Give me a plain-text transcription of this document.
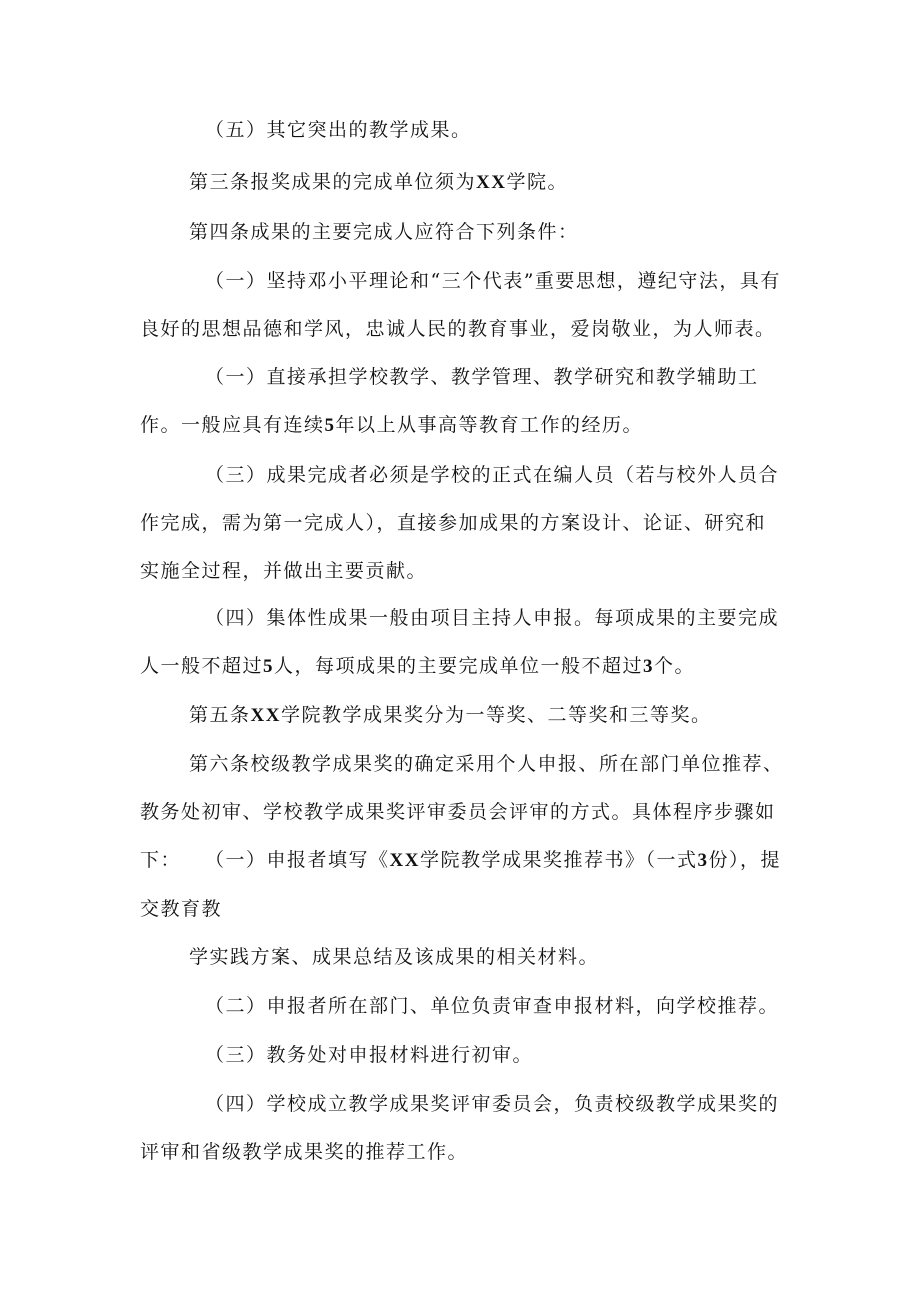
（五）其它突出的教学成果。

第三条报奖成果的完成单位须为XX学院。

第四条成果的主要完成人应符合下列条件：

（一）坚持邓小平理论和“三个代表”重要思想，遵纪守法，具有良好的思想品德和学风，忠诚人民的教育事业，爱岗敬业，为人师表。

（一）直接承担学校教学、教学管理、教学研究和教学辅助工作。一般应具有连续5年以上从事高等教育工作的经历。

（三）成果完成者必须是学校的正式在编人员（若与校外人员合作完成，需为第一完成人），直接参加成果的方案设计、论证、研究和实施全过程，并做出主要贡献。

（四）集体性成果一般由项目主持人申报。每项成果的主要完成人一般不超过5人，每项成果的主要完成单位一般不超过3个。

第五条XX学院教学成果奖分为一等奖、二等奖和三等奖。

第六条校级教学成果奖的确定采用个人申报、所在部门单位推荐、教务处初审、学校教学成果奖评审委员会评审的方式。具体程序步骤如下：	（一）申报者填写《XX学院教学成果奖推荐书》（一式3份），提交教育教

学实践方案、成果总结及该成果的相关材料。

（二）申报者所在部门、单位负责审查申报材料，向学校推荐。

（三）教务处对申报材料进行初审。

（四）学校成立教学成果奖评审委员会，负责校级教学成果奖的评审和省级教学成果奖的推荐工作。
